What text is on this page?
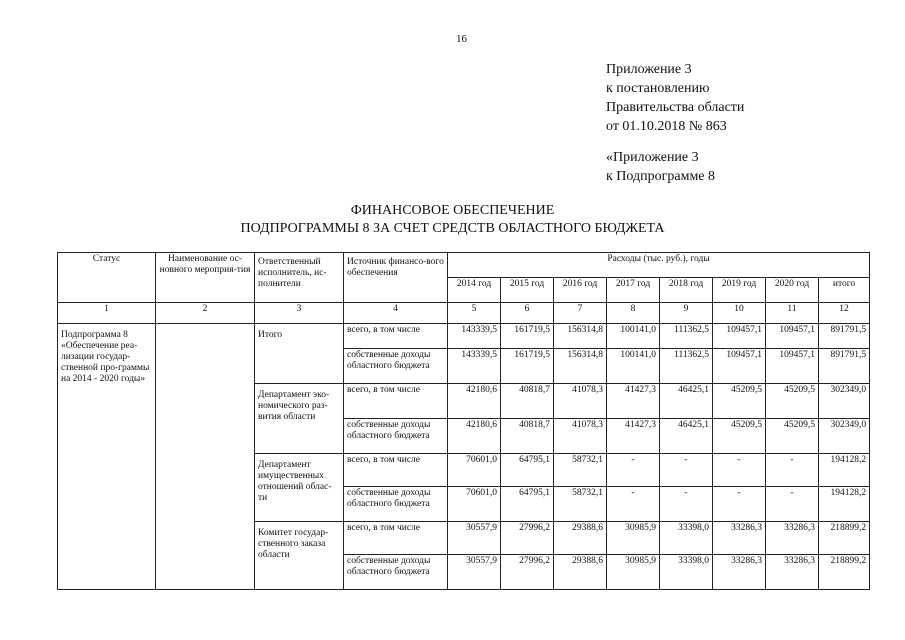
16
Приложение 3
к постановлению
Правительства области
от 01.10.2018 № 863
«Приложение 3
к Подпрограмме 8
ФИНАНСОВОЕ ОБЕСПЕЧЕНИЕ
ПОДПРОГРАММЫ 8 ЗА СЧЕТ СРЕДСТВ ОБЛАСТНОГО БЮДЖЕТА
Статус	Наименование ос-новного мероприя-тия	Ответственный исполнитель, ис-полнители	Источник финансо-вого обеспечения	Расходы (тыс. руб.), годы							
				2014 год	2015 год	2016 год	2017 год	2018 год	2019 год	2020 год	итого
1	2	3	4	5	6	7	8	9	10	11	12
Подпрограмма 8 «Обеспечение реа-лизации государ-ственной про-граммы на 2014 - 2020 годы»		Итого	всего, в том числе	143339,5	161719,5	156314,8	100141,0	111362,5	109457,1	109457,1	891791,5
			собственные доходы областного бюджета	143339,5	161719,5	156314,8	100141,0	111362,5	109457,1	109457,1	891791,5
		Департамент эко-номического раз-вития области	всего, в том числе	42180,6	40818,7	41078,3	41427,3	46425,1	45209,5	45209,5	302349,0
			собственные доходы областного бюджета	42180,6	40818,7	41078,3	41427,3	46425,1	45209,5	45209,5	302349,0
		Департамент имущественных отношений облас-ти	всего, в том числе	70601,0	64795,1	58732,1	-	-	-	-	194128,2
			собственные доходы областного бюджета	70601,0	64795,1	58732,1	-	-	-	-	194128,2
		Комитет государ-ственного заказа области	всего, в том числе	30557,9	27996,2	29388,6	30985,9	33398,0	33286,3	33286,3	218899,2
			собственные доходы областного бюджета	30557,9	27996,2	29388,6	30985,9	33398,0	33286,3	33286,3	218899,2
